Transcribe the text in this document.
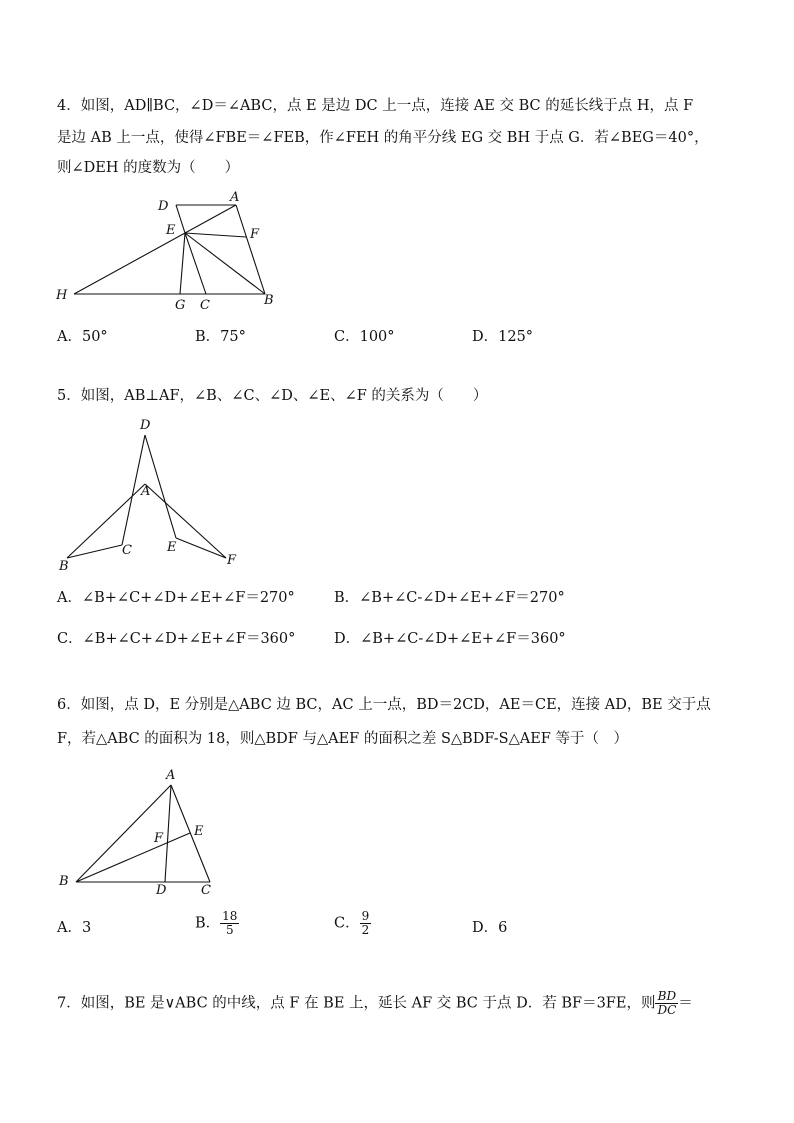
4．如图，AD∥BC，∠D＝∠ABC，点 E 是边 DC 上一点，连接 AE 交 BC 的延长线于点 H，点 F
是边 AB 上一点，使得∠FBE＝∠FEB，作∠FEH 的角平分线 EG 交 BH 于点 G．若∠BEG＝40°，
则∠DEH 的度数为（　　）
D
A
E	F
H
G C	B
A．50°	B．75°	C．100°	D．125°
5．如图，AB⊥AF，∠B、∠C、∠D、∠E、∠F 的关系为（　　）
D
A
B
C	E
F
A．∠B+∠C+∠D+∠E+∠F＝270°	B．∠B+∠C-∠D+∠E+∠F＝270°
C．∠B+∠C+∠D+∠E+∠F＝360°	D．∠B+∠C-∠D+∠E+∠F＝360°
6．如图，点 D，E 分别是△ABC 边 BC，AC 上一点，BD＝2CD，AE＝CE，连接 AD，BE 交于点
F，若△ABC 的面积为 18，则△BDF 与△AEF 的面积之差 S△BDF-S△AEF 等于（　）
A
F E
B
D	C
A．3	B． $\frac{18}{5}$	C． $\frac{9}{2}$	D．6
7．如图，BE 是∨ABC 的中线，点 F 在 BE 上，延长 AF 交 BC 于点 D．若 BF＝3FE，则 $\frac{BD}{DC}$ ＝
